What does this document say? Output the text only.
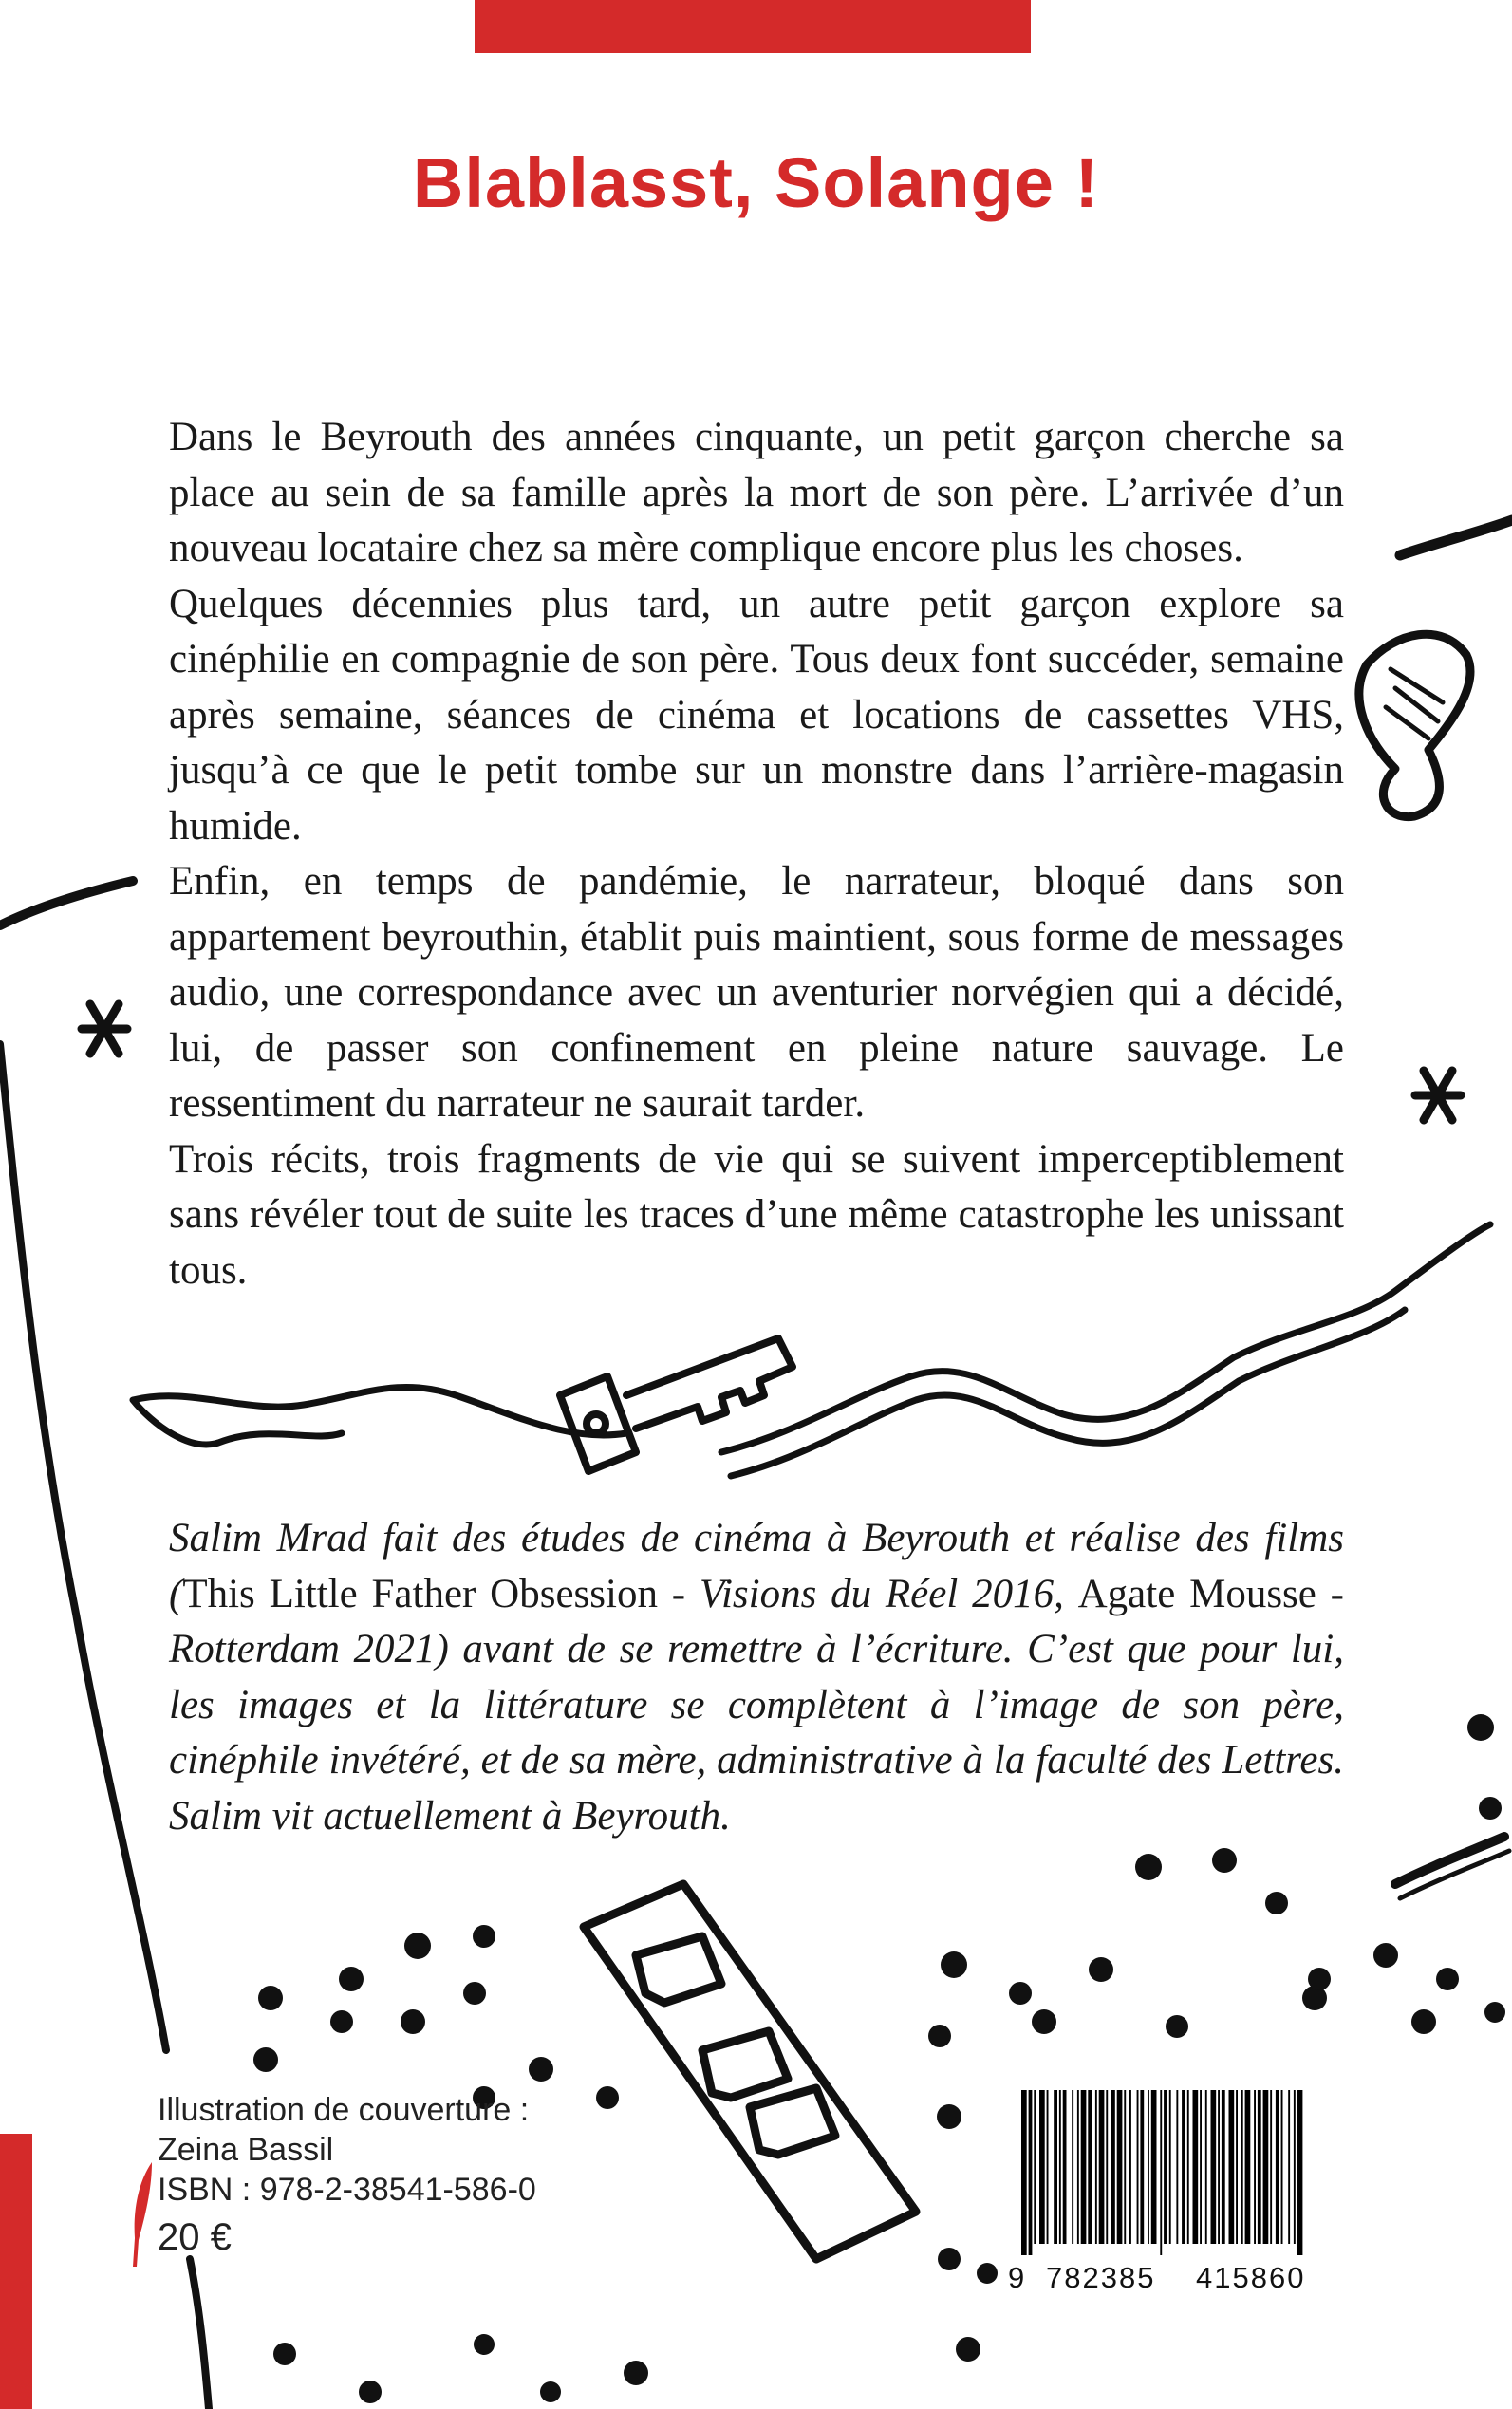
Blablasst, Solange !

Dans le Beyrouth des années cinquante, un petit garçon cherche sa place au sein de sa famille après la mort de son père. L’arrivée d’un nouveau locataire chez sa mère complique encore plus les choses.

Quelques décennies plus tard, un autre petit garçon explore sa cinéphilie en compagnie de son père. Tous deux font succéder, semaine après semaine, séances de cinéma et locations de cassettes VHS, jusqu’à ce que le petit tombe sur un monstre dans l’arrière-magasin humide.

Enfin, en temps de pandémie, le narrateur, bloqué dans son appartement beyrouthin, établit puis maintient, sous forme de messages audio, une correspondance avec un aventurier norvégien qui a décidé, lui, de passer son confinement en pleine nature sauvage. Le ressentiment du narrateur ne saurait tarder.

Trois récits, trois fragments de vie qui se suivent imperceptiblement sans révéler tout de suite les traces d’une même catastrophe les unissant tous.

Salim Mrad fait des études de cinéma à Beyrouth et réalise des films (This Little Father Obsession - Visions du Réel 2016, Agate Mousse - Rotterdam 2021) avant de se remettre à l’écriture. C’est que pour lui, les images et la littérature se complètent à l’image de son père, cinéphile invétéré, et de sa mère, administrative à la faculté des Lettres. Salim vit actuellement à Beyrouth.

Illustration de couverture :
Zeina Bassil
ISBN : 978-2-38541-586-0
20 €
9 782385 415860
